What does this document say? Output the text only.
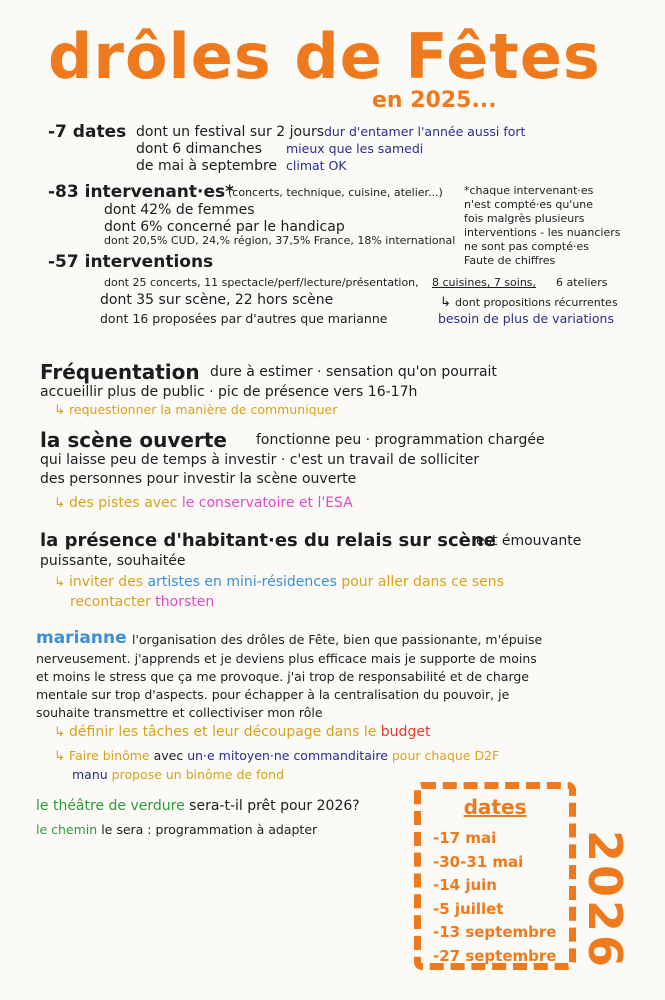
drôles de Fêtes
en 2025...
-7 dates dont un festival sur 2 jours
dont 6 dimanches
de mai à septembre
dur d'entamer l'année aussi fort
mieux que les samedi
climat OK
-83 intervenant·es*
(concerts, technique, cuisine, atelier...)
dont 42% de femmes
dont 6% concerné par le handicap
dont 20,5% CUD, 24,% région, 37,5% France, 18% international
*chaque intervenant·es
n'est compté·es qu'une
fois malgrès plusieurs
interventions - les nuanciers
ne sont pas compté·es
Faute de chiffres
-57 interventions
dont 25 concerts, 11 spectacle/perf/lecture/présentation, 8 cuisines, 7 soins, 6 ateliers
dont 35 sur scène, 22 hors scène
dont 16 proposées par d'autres que marianne
↳ dont propositions récurrentes
besoin de plus de variations
Fréquentation dure à estimer · sensation qu'on pourrait
accueillir plus de public · pic de présence vers 16-17h
↳ requestionner la manière de communiquer
la scène ouverte fonctionne peu · programmation chargée
qui laisse peu de temps à investir · c'est un travail de solliciter
des personnes pour investir la scène ouverte
↳ des pistes avec le conservatoire et l'ESA
la présence d'habitant·es du relais sur scène
est émouvante
puissante, souhaitée
↳ inviter des artistes en mini-résidences pour aller dans ce sens
recontacter thorsten
marianne l'organisation des drôles de Fête, bien que passionante, m'épuise
nerveusement. j'apprends et je deviens plus efficace mais je supporte de moins
et moins le stress que ça me provoque. j'ai trop de responsabilité et de charge
mentale sur trop d'aspects. pour échapper à la centralisation du pouvoir, je
souhaite transmettre et collectiviser mon rôle
↳ définir les tâches et leur découpage dans le budget
↳ Faire binôme avec un·e mitoyen·ne commanditaire pour chaque D2F
manu propose un binôme de fond
le théâtre de verdure sera-t-il prêt pour 2026?
le chemin le sera : programmation à adapter
dates
-17 mai
-30-31 mai
-14 juin
-5 juillet
-13 septembre
-27 septembre 2026
